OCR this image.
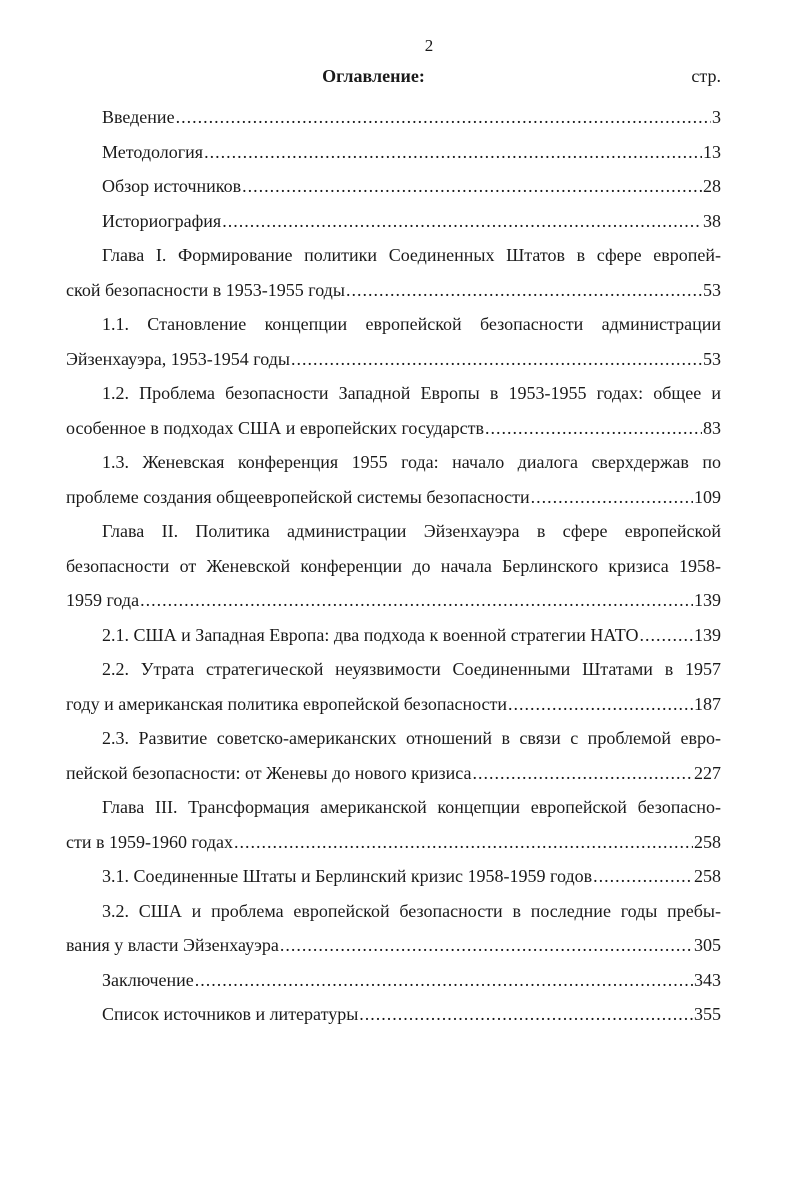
2
Оглавление:	стр.
Введение .....	3
Методология .....	13
Обзор источников .....	28
Историография .....	38
Глава I. Формирование политики Соединенных Штатов в сфере европей-
ской безопасности в 1953-1955 годы .....	53
1.1. Становление концепции европейской безопасности администрации
Эйзенхауэра, 1953-1954 годы .....	53
1.2. Проблема безопасности Западной Европы в 1953-1955 годах: общее и
особенное в подходах США и европейских государств .....	83
1.3. Женевская конференция 1955 года: начало диалога сверхдержав по
проблеме создания общеевропейской системы безопасности .....	109
Глава II. Политика администрации Эйзенхауэра в сфере европейской безопасности от Женевской конференции до начала Берлинского кризиса 1958-
1959 года .....	139
2.1. США и Западная Европа: два подхода к военной стратегии НАТО .....	139
2.2. Утрата стратегической неуязвимости Соединенными Штатами в 1957
году и американская политика европейской безопасности .....	187
2.3. Развитие советско-американских отношений в связи с проблемой евро-
пейской безопасности: от Женевы до нового кризиса .....	227
Глава III. Трансформация американской концепции европейской безопасно-
сти в 1959-1960 годах .....	258
3.1. Соединенные Штаты и Берлинский кризис 1958-1959 годов .....	258
3.2. США и проблема европейской безопасности в последние годы пребы-
вания у власти Эйзенхауэра .....	305
Заключение .....	343
Список источников и литературы .....	355
